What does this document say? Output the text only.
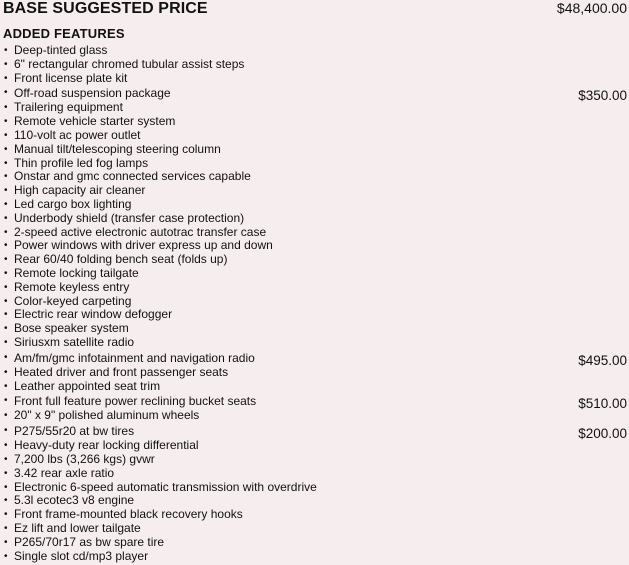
BASE SUGGESTED PRICE	$48,400.00
ADDED FEATURES
• Deep-tinted glass
• 6" rectangular chromed tubular assist steps
• Front license plate kit
• Off-road suspension package	$350.00
• Trailering equipment
• Remote vehicle starter system
• 110-volt ac power outlet
• Manual tilt/telescoping steering column
• Thin profile led fog lamps
• Onstar and gmc connected services capable
• High capacity air cleaner
• Led cargo box lighting
• Underbody shield (transfer case protection)
• 2-speed active electronic autotrac transfer case
• Power windows with driver express up and down
• Rear 60/40 folding bench seat (folds up)
• Remote locking tailgate
• Remote keyless entry
• Color-keyed carpeting
• Electric rear window defogger
• Bose speaker system
• Siriusxm satellite radio
• Am/fm/gmc infotainment and navigation radio	$495.00
• Heated driver and front passenger seats
• Leather appointed seat trim
• Front full feature power reclining bucket seats	$510.00
• 20" x 9" polished aluminum wheels
• P275/55r20 at bw tires	$200.00
• Heavy-duty rear locking differential
• 7,200 lbs (3,266 kgs) gvwr
• 3.42 rear axle ratio
• Electronic 6-speed automatic transmission with overdrive
• 5.3l ecotec3 v8 engine
• Front frame-mounted black recovery hooks
• Ez lift and lower tailgate
• P265/70r17 as bw spare tire
• Single slot cd/mp3 player
